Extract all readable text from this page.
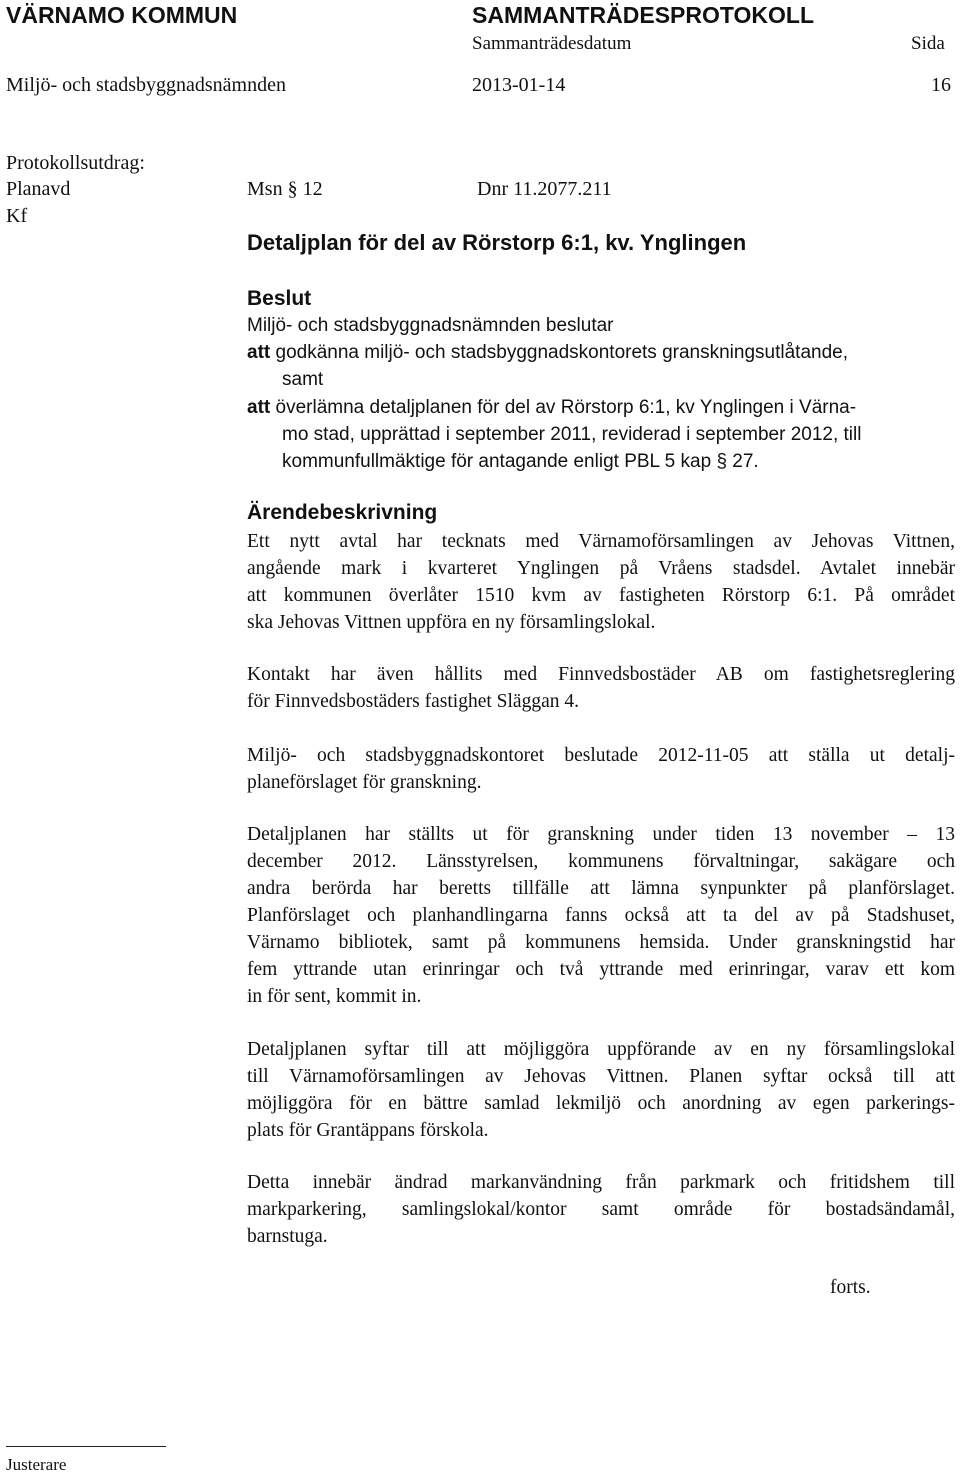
VÄRNAMO KOMMUN	SAMMANTRÄDESPROTOKOLL
Sammanträdesdatum	Sida
Miljö- och stadsbyggnadsnämnden	2013-01-14	16
Protokollsutdrag:
Planavd
Kf
Msn § 12	Dnr 11.2077.211
Detaljplan för del av Rörstorp 6:1, kv. Ynglingen
Beslut
Miljö- och stadsbyggnadsnämnden beslutar
att godkänna miljö- och stadsbyggnadskontorets granskningsutlåtande,
samt
att överlämna detaljplanen för del av Rörstorp 6:1, kv Ynglingen i Värna-
mo stad, upprättad i september 2011, reviderad i september 2012, till
kommunfullmäktige för antagande enligt PBL 5 kap § 27.
Ärendebeskrivning
Ett nytt avtal har tecknats med Värnamoförsamlingen av Jehovas Vittnen,
angående mark i kvarteret Ynglingen på Vråens stadsdel. Avtalet innebär
att kommunen överlåter 1510 kvm av fastigheten Rörstorp 6:1. På området
ska Jehovas Vittnen uppföra en ny församlingslokal.
Kontakt har även hållits med Finnvedsbostäder AB om fastighetsreglering
för Finnvedsbostäders fastighet Släggan 4.
Miljö- och stadsbyggnadskontoret beslutade 2012-11-05 att ställa ut detalj-
planeförslaget för granskning.
Detaljplanen har ställts ut för granskning under tiden 13 november – 13
december 2012. Länsstyrelsen, kommunens förvaltningar, sakägare och
andra berörda har beretts tillfälle att lämna synpunkter på planförslaget.
Planförslaget och planhandlingarna fanns också att ta del av på Stadshuset,
Värnamo bibliotek, samt på kommunens hemsida. Under granskningstid har
fem yttrande utan erinringar och två yttrande med erinringar, varav ett kom
in för sent, kommit in.
Detaljplanen syftar till att möjliggöra uppförande av en ny församlingslokal
till Värnamoförsamlingen av Jehovas Vittnen. Planen syftar också till att
möjliggöra för en bättre samlad lekmiljö och anordning av egen parkerings-
plats för Grantäppans förskola.
Detta innebär ändrad markanvändning från parkmark och fritidshem till
markparkering, samlingslokal/kontor samt område för bostadsändamål,
barnstuga.
forts.
Justerare
